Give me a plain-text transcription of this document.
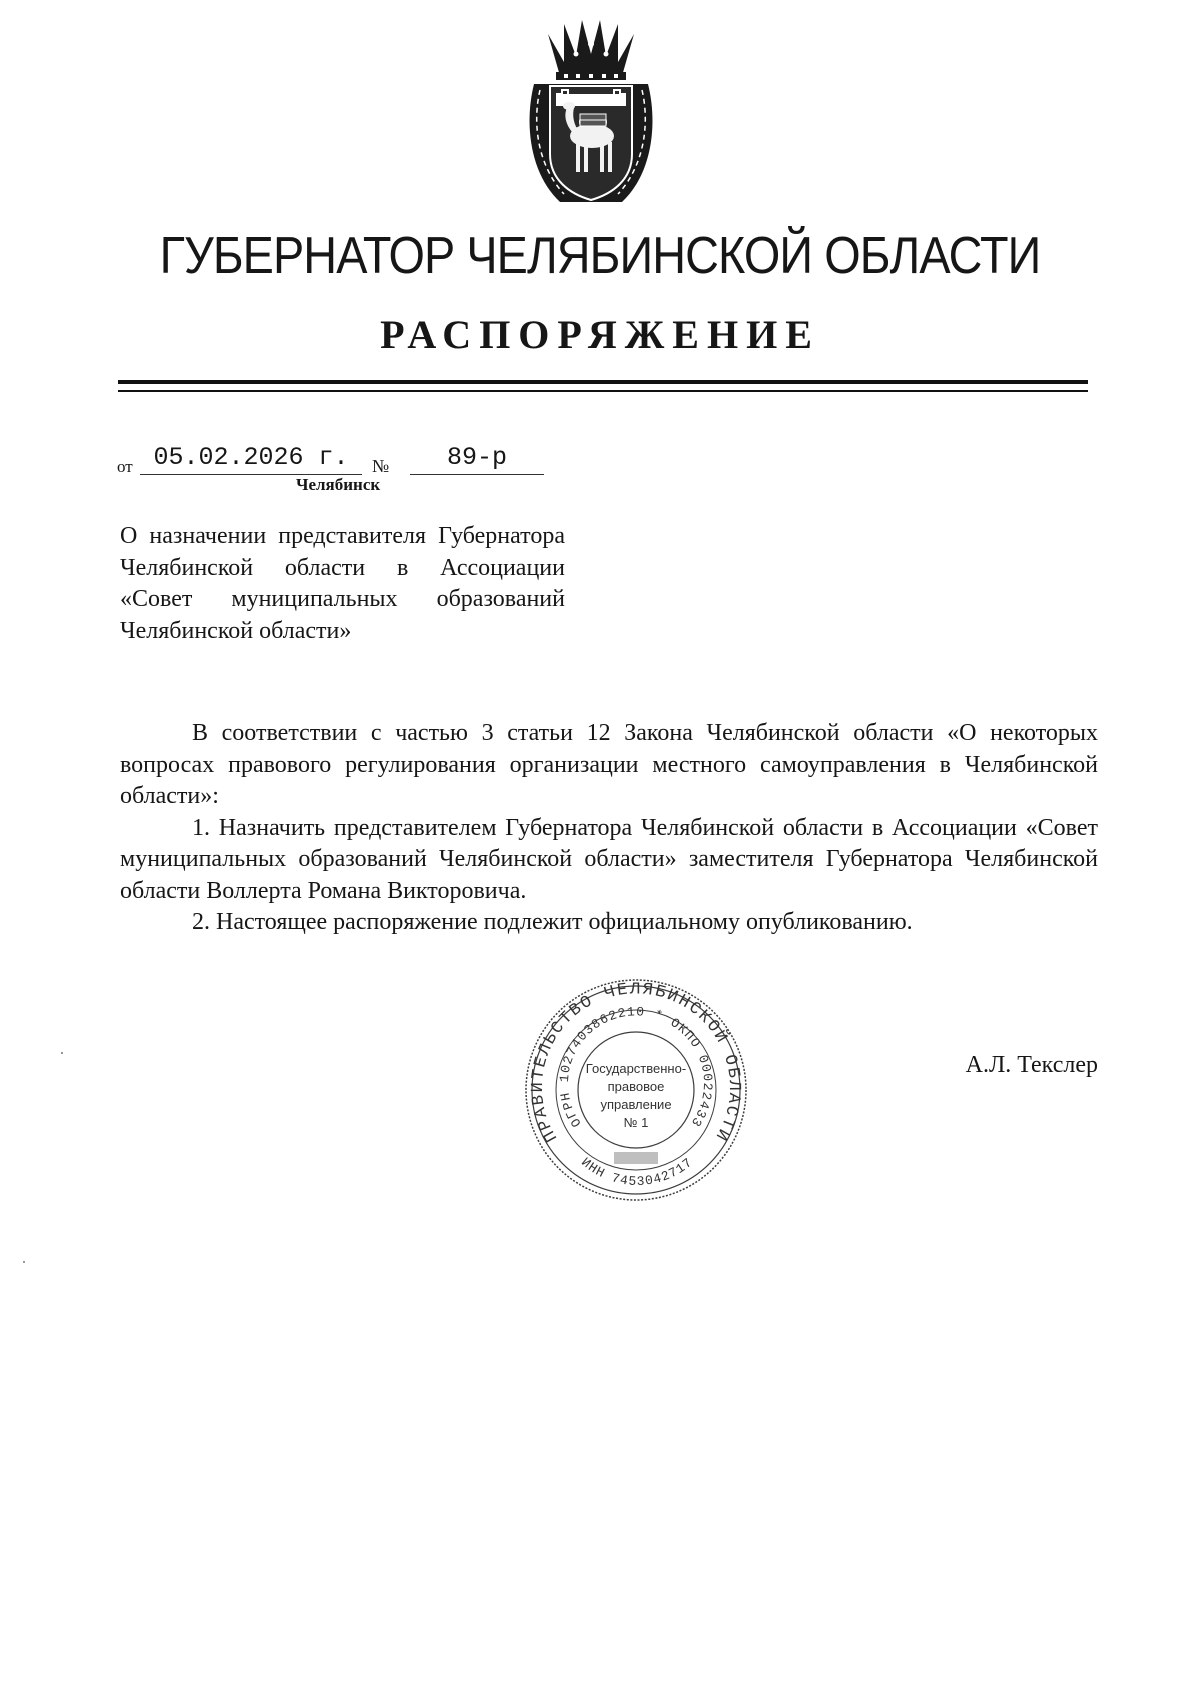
ГУБЕРНАТОР ЧЕЛЯБИНСКОЙ ОБЛАСТИ
РАСПОРЯЖЕНИЕ
от 05.02.2026 г.	№	89-р
Челябинск
О назначении представителя Губернатора Челябинской области в Ассоциации «Совет муниципальных образований Челябинской области»

В соответствии с частью 3 статьи 12 Закона Челябинской области «О некоторых вопросах правового регулирования организации местного самоуправления в Челябинской области»:

1. Назначить представителем Губернатора Челябинской области в Ассоциации «Совет муниципальных образований Челябинской области» заместителя Губернатора Челябинской области Воллерта Романа Викторовича.

2. Настоящее распоряжение подлежит официальному опубликованию.

ПРАВИТЕЛЬСТВО ЧЕЛЯБИНСКОЙ ОБЛАСТИ
ОГРН 1027403862210 * ОКПО 00022433
ИНН 7453042717
Государственно-
правовое
управление
№ 1
А.Л. Текслер
